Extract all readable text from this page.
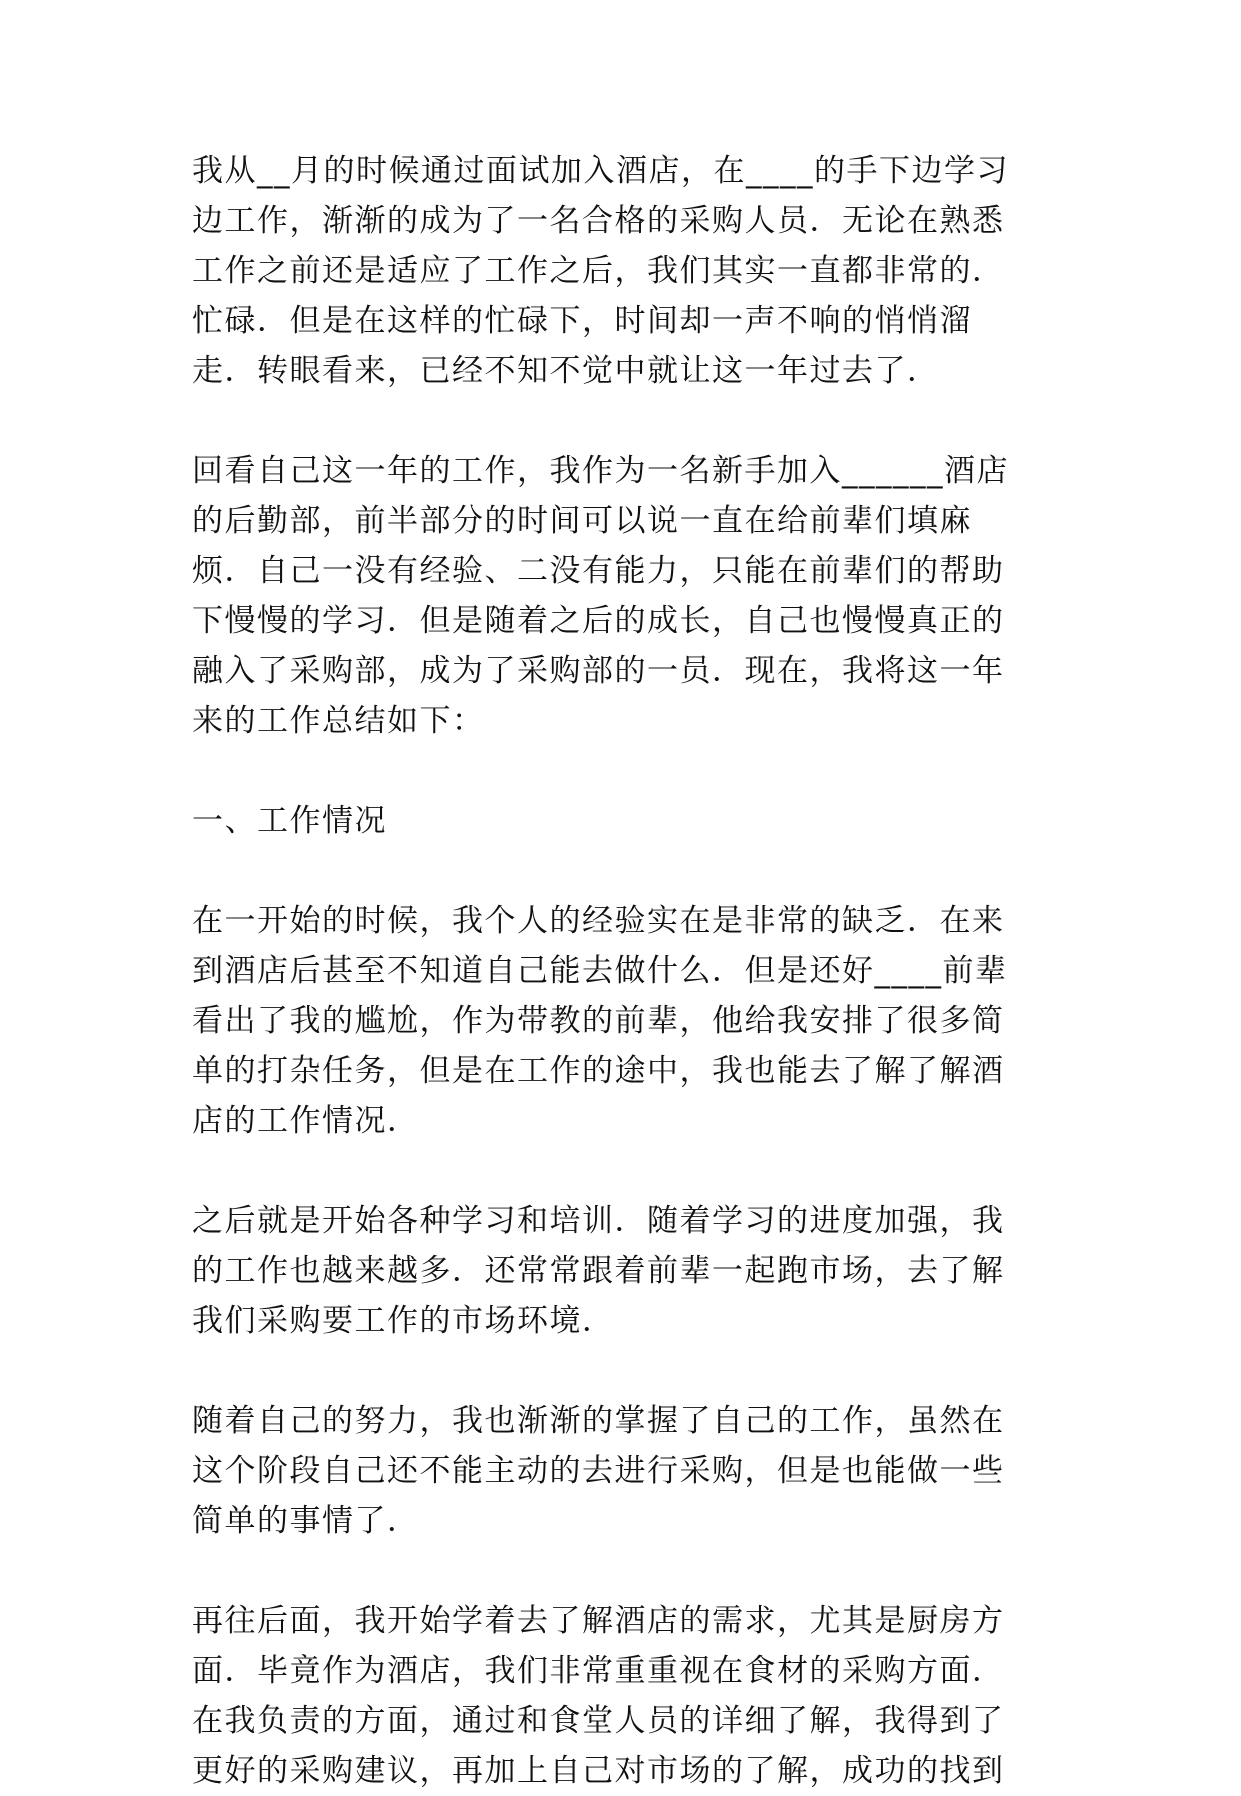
我从__月的时候通过面试加入酒店，在____的手下边学习边工作，渐渐的成为了一名合格的采购人员．无论在熟悉工作之前还是适应了工作之后，我们其实一直都非常的．忙碌．但是在这样的忙碌下，时间却一声不响的悄悄溜走．转眼看来，已经不知不觉中就让这一年过去了．

回看自己这一年的工作，我作为一名新手加入______酒店的后勤部，前半部分的时间可以说一直在给前辈们填麻烦．自己一没有经验、二没有能力，只能在前辈们的帮助下慢慢的学习．但是随着之后的成长，自己也慢慢真正的融入了采购部，成为了采购部的一员．现在，我将这一年来的工作总结如下：

一、工作情况

在一开始的时候，我个人的经验实在是非常的缺乏．在来到酒店后甚至不知道自己能去做什么．但是还好____前辈看出了我的尴尬，作为带教的前辈，他给我安排了很多简单的打杂任务，但是在工作的途中，我也能去了解了解酒店的工作情况．

之后就是开始各种学习和培训．随着学习的进度加强，我的工作也越来越多．还常常跟着前辈一起跑市场，去了解我们采购要工作的市场环境．

随着自己的努力，我也渐渐的掌握了自己的工作，虽然在这个阶段自己还不能主动的去进行采购，但是也能做一些简单的事情了．

再往后面，我开始学着去了解酒店的需求，尤其是厨房方面．毕竟作为酒店，我们非常重重视在食材的采购方面．在我负责的方面，通过和食堂人员的详细了解，我得到了更好的采购建议，再加上自己对市场的了解，成功的找到
